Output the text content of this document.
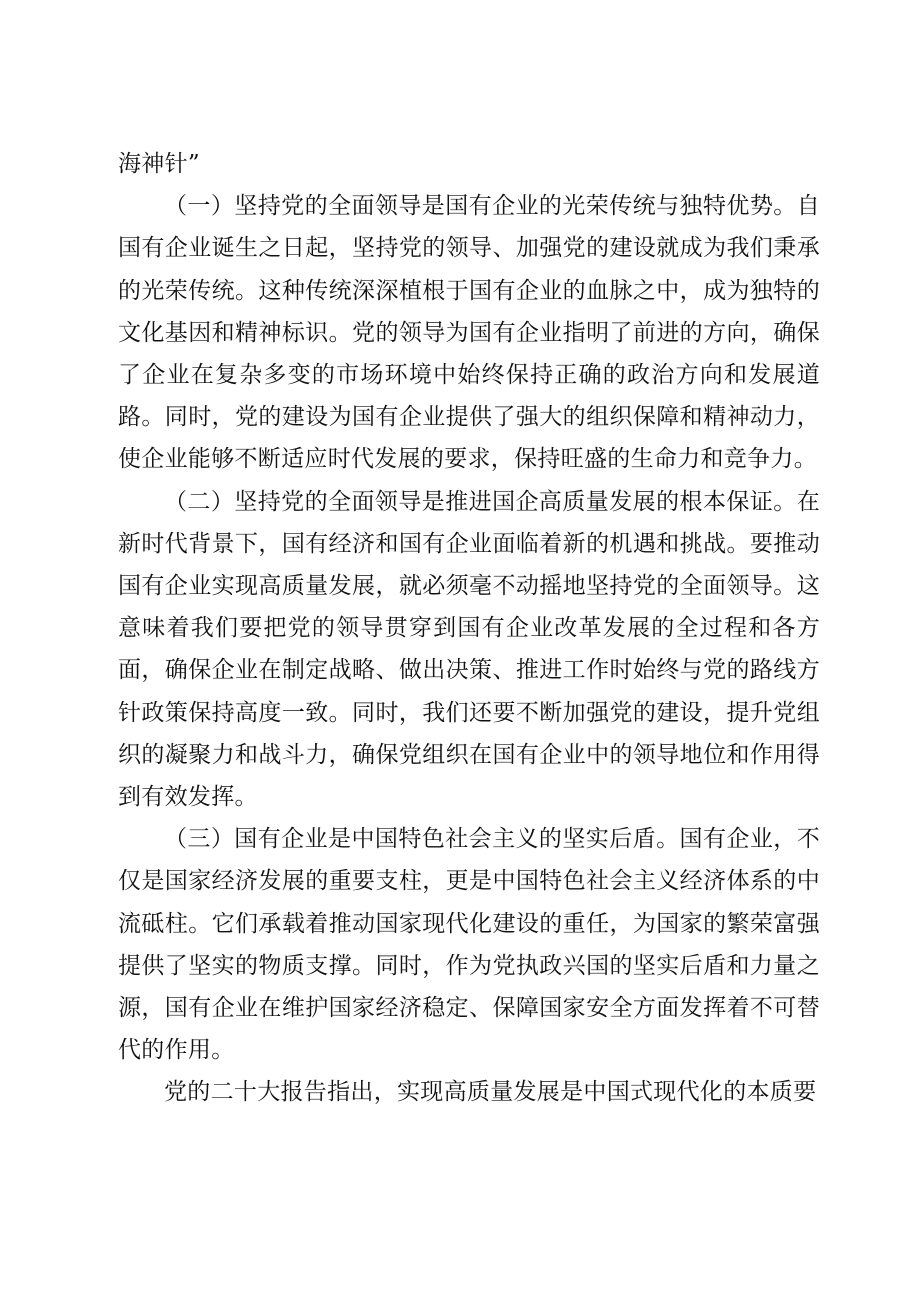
海神针”

（一）坚持党的全面领导是国有企业的光荣传统与独特优势。自国有企业诞生之日起，坚持党的领导、加强党的建设就成为我们秉承的光荣传统。这种传统深深植根于国有企业的血脉之中，成为独特的文化基因和精神标识。党的领导为国有企业指明了前进的方向，确保了企业在复杂多变的市场环境中始终保持正确的政治方向和发展道路。同时，党的建设为国有企业提供了强大的组织保障和精神动力，使企业能够不断适应时代发展的要求，保持旺盛的生命力和竞争力。

（二）坚持党的全面领导是推进国企高质量发展的根本保证。在新时代背景下，国有经济和国有企业面临着新的机遇和挑战。要推动国有企业实现高质量发展，就必须毫不动摇地坚持党的全面领导。这意味着我们要把党的领导贯穿到国有企业改革发展的全过程和各方面，确保企业在制定战略、做出决策、推进工作时始终与党的路线方针政策保持高度一致。同时，我们还要不断加强党的建设，提升党组织的凝聚力和战斗力，确保党组织在国有企业中的领导地位和作用得到有效发挥。

（三）国有企业是中国特色社会主义的坚实后盾。国有企业，不仅是国家经济发展的重要支柱，更是中国特色社会主义经济体系的中流砥柱。它们承载着推动国家现代化建设的重任，为国家的繁荣富强提供了坚实的物质支撑。同时，作为党执政兴国的坚实后盾和力量之源，国有企业在维护国家经济稳定、保障国家安全方面发挥着不可替代的作用。

党的二十大报告指出，实现高质量发展是中国式现代化的本质要
